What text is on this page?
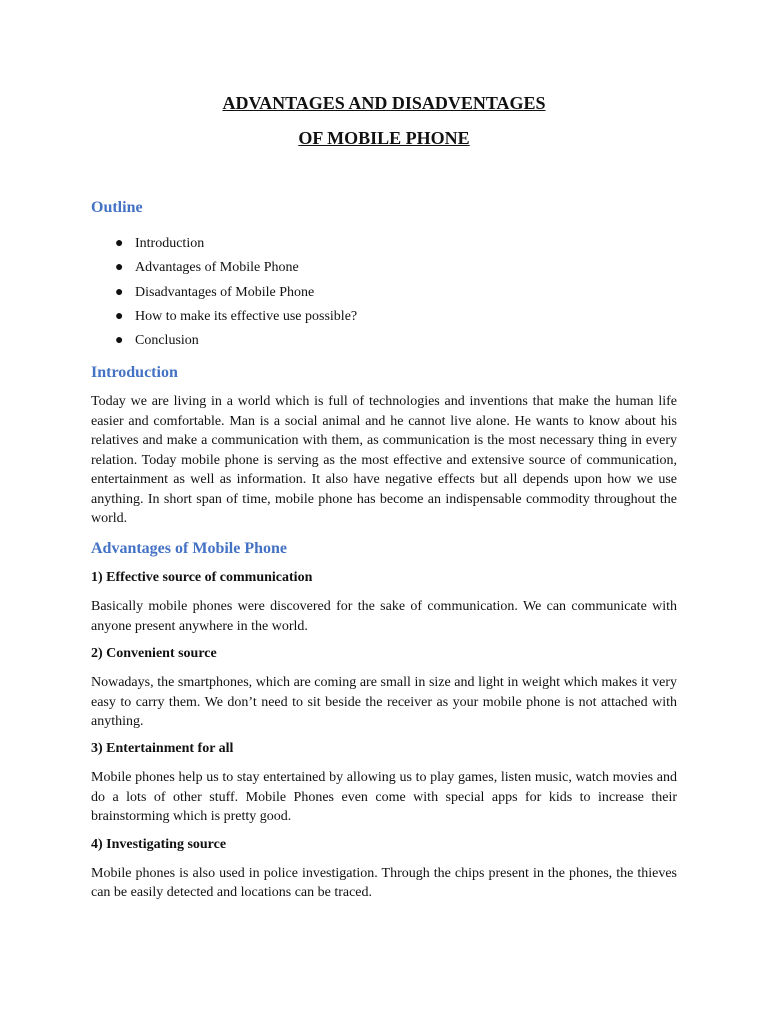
ADVANTAGES AND DISADVENTAGES

OF MOBILE PHONE

Outline
● Introduction
● Advantages of Mobile Phone
● Disadvantages of Mobile Phone
● How to make its effective use possible?
● Conclusion
Introduction

Today we are living in a world which is full of technologies and inventions that make the human life easier and comfortable. Man is a social animal and he cannot live alone. He wants to know about his relatives and make a communication with them, as communication is the most necessary thing in every relation. Today mobile phone is serving as the most effective and extensive source of communication, entertainment as well as information. It also have negative effects but all depends upon how we use anything. In short span of time, mobile phone has become an indispensable commodity throughout the world.

Advantages of Mobile Phone

1) Effective source of communication

Basically mobile phones were discovered for the sake of communication. We can communicate with anyone present anywhere in the world.

2) Convenient source

Nowadays, the smartphones, which are coming are small in size and light in weight which makes it very easy to carry them. We don’t need to sit beside the receiver as your mobile phone is not attached with anything.

3) Entertainment for all

Mobile phones help us to stay entertained by allowing us to play games, listen music, watch movies and do a lots of other stuff. Mobile Phones even come with special apps for kids to increase their brainstorming which is pretty good.

4) Investigating source

Mobile phones is also used in police investigation. Through the chips present in the phones, the thieves can be easily detected and locations can be traced.
